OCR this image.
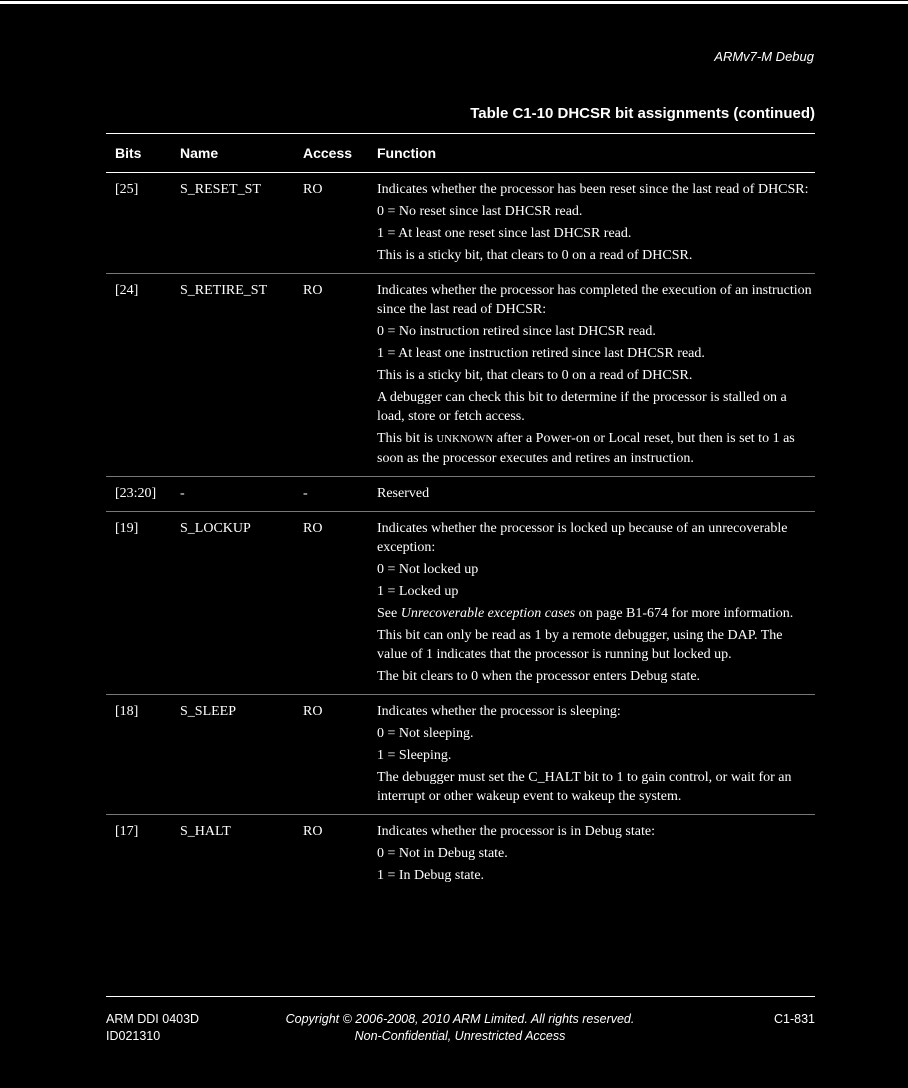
ARMv7-M Debug
Table C1-10 DHCSR bit assignments (continued)
Bits	Name	Access	Function
[25]	S_RESET_ST	RO	Indicates whether the processor has been reset since the last read of DHCSR:

0 = No reset since last DHCSR read.

1 = At least one reset since last DHCSR read.

This is a sticky bit, that clears to 0 on a read of DHCSR.

[24]	S_RETIRE_ST	RO	Indicates whether the processor has completed the execution of an instruction since the last read of DHCSR:

0 = No instruction retired since last DHCSR read.

1 = At least one instruction retired since last DHCSR read.

This is a sticky bit, that clears to 0 on a read of DHCSR.

A debugger can check this bit to determine if the processor is stalled on a load, store or fetch access.

This bit is UNKNOWN after a Power-on or Local reset, but then is set to 1 as soon as the processor executes and retires an instruction.

[23:20]	-	-	Reserved

[19]	S_LOCKUP	RO	Indicates whether the processor is locked up because of an unrecoverable exception:

0 = Not locked up

1 = Locked up

See Unrecoverable exception cases on page B1-674 for more information.

This bit can only be read as 1 by a remote debugger, using the DAP. The value of 1 indicates that the processor is running but locked up.

The bit clears to 0 when the processor enters Debug state.

[18]	S_SLEEP	RO	Indicates whether the processor is sleeping:

0 = Not sleeping.

1 = Sleeping.

The debugger must set the C_HALT bit to 1 to gain control, or wait for an interrupt or other wakeup event to wakeup the system.

[17]	S_HALT	RO	Indicates whether the processor is in Debug state:

0 = Not in Debug state.

1 = In Debug state.

ARM DDI 0403D
ID021310
Copyright © 2006-2008, 2010 ARM Limited. All rights reserved.
Non-Confidential, Unrestricted Access
C1-831
